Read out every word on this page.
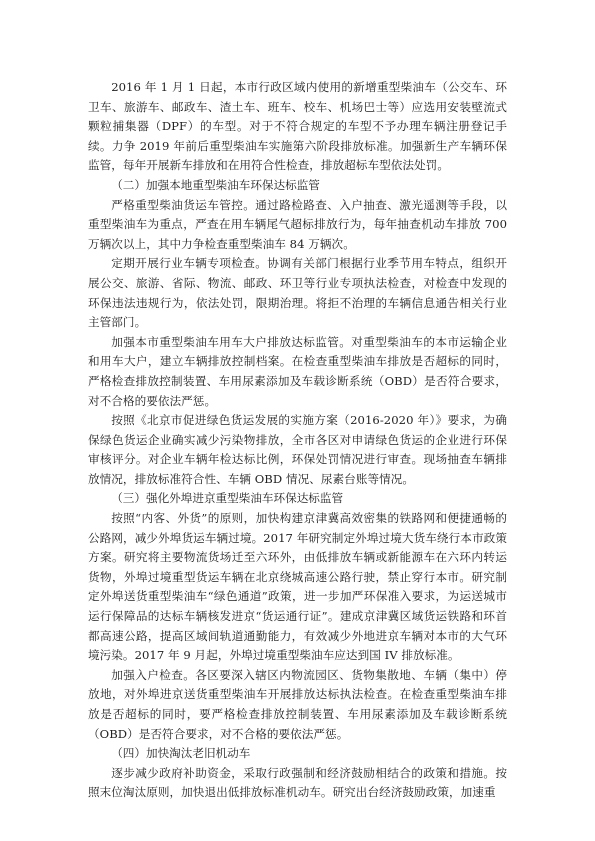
2016 年 1 月 1 日起，本市行政区域内使用的新增重型柴油车（公交车、环卫车、旅游车、邮政车、渣土车、班车、校车、机场巴士等）应选用安装壁流式颗粒捕集器（DPF）的车型。对于不符合规定的车型不予办理车辆注册登记手续。力争 2019 年前后重型柴油车实施第六阶段排放标准。加强新生产车辆环保监管，每年开展新车排放和在用符合性检查，排放超标车型依法处罚。

（二）加强本地重型柴油车环保达标监管

严格重型柴油货运车管控。通过路检路查、入户抽查、激光遥测等手段，以重型柴油车为重点，严查在用车辆尾气超标排放行为，每年抽查机动车排放 700 万辆次以上，其中力争检查重型柴油车 84 万辆次。

定期开展行业车辆专项检查。协调有关部门根据行业季节用车特点，组织开展公交、旅游、省际、物流、邮政、环卫等行业专项执法检查，对检查中发现的环保违法违规行为，依法处罚，限期治理。将拒不治理的车辆信息通告相关行业主管部门。

加强本市重型柴油车用车大户排放达标监管。对重型柴油车的本市运输企业和用车大户，建立车辆排放控制档案。在检查重型柴油车排放是否超标的同时，严格检查排放控制装置、车用尿素添加及车载诊断系统（OBD）是否符合要求，对不合格的要依法严惩。

按照《北京市促进绿色货运发展的实施方案（2016-2020 年）》要求，为确保绿色货运企业确实减少污染物排放，全市各区对申请绿色货运的企业进行环保审核评分。对企业车辆年检达标比例，环保处罚情况进行审查。现场抽查车辆排放情况，排放标准符合性、车辆 OBD 情况、尿素台账等情况。

（三）强化外埠进京重型柴油车环保达标监管

按照“内客、外货”的原则，加快构建京津冀高效密集的铁路网和便捷通畅的公路网，减少外埠货运车辆过境。2017 年研究制定外埠过境大货车绕行本市政策方案。研究将主要物流货场迁至六环外，由低排放车辆或新能源车在六环内转运货物，外埠过境重型货运车辆在北京绕城高速公路行驶，禁止穿行本市。研究制定外埠送货重型柴油车“绿色通道”政策，进一步加严环保准入要求，为运送城市运行保障品的达标车辆核发进京“货运通行证”。建成京津冀区域货运铁路和环首都高速公路，提高区域间轨道通勤能力，有效减少外地进京车辆对本市的大气环境污染。2017 年 9 月起，外埠过境重型柴油车应达到国 IV 排放标准。

加强入户检查。各区要深入辖区内物流园区、货物集散地、车辆（集中）停放地，对外埠进京送货重型柴油车开展排放达标执法检查。在检查重型柴油车排放是否超标的同时，要严格检查排放控制装置、车用尿素添加及车载诊断系统（OBD）是否符合要求，对不合格的要依法严惩。

（四）加快淘汰老旧机动车

逐步减少政府补助资金，采取行政强制和经济鼓励相结合的政策和措施。按照末位淘汰原则，加快退出低排放标准机动车。研究出台经济鼓励政策，加速重
